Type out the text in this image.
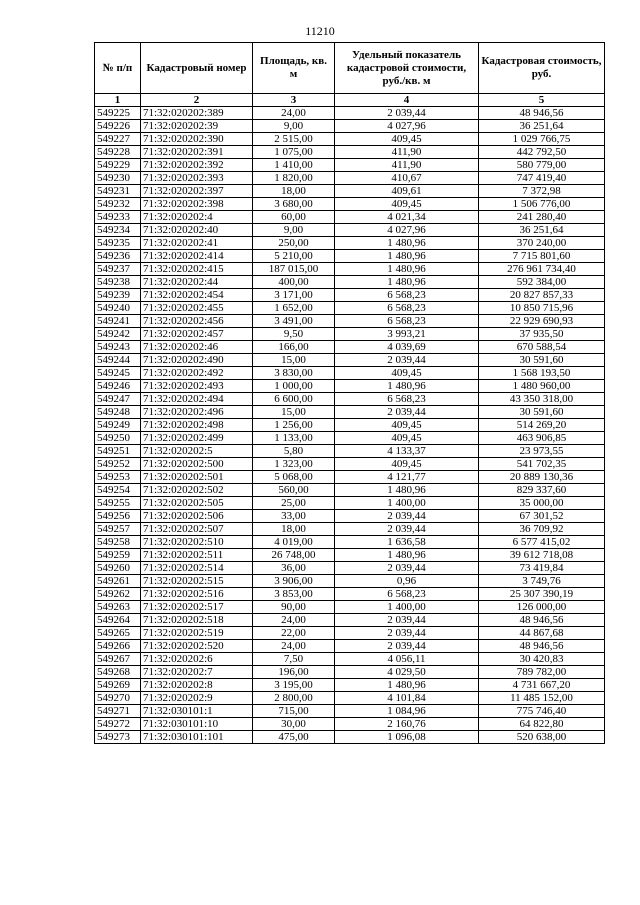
11210
№ п/п	Кадастровый номер	Площадь, кв. м	Удельный показатель кадастровой стоимости, руб./кв. м	Кадастровая стоимость, руб.
1	2	3	4	5
549225	71:32:020202:389	24,00	2 039,44	48 946,56
549226	71:32:020202:39	9,00	4 027,96	36 251,64
549227	71:32:020202:390	2 515,00	409,45	1 029 766,75
549228	71:32:020202:391	1 075,00	411,90	442 792,50
549229	71:32:020202:392	1 410,00	411,90	580 779,00
549230	71:32:020202:393	1 820,00	410,67	747 419,40
549231	71:32:020202:397	18,00	409,61	7 372,98
549232	71:32:020202:398	3 680,00	409,45	1 506 776,00
549233	71:32:020202:4	60,00	4 021,34	241 280,40
549234	71:32:020202:40	9,00	4 027,96	36 251,64
549235	71:32:020202:41	250,00	1 480,96	370 240,00
549236	71:32:020202:414	5 210,00	1 480,96	7 715 801,60
549237	71:32:020202:415	187 015,00	1 480,96	276 961 734,40
549238	71:32:020202:44	400,00	1 480,96	592 384,00
549239	71:32:020202:454	3 171,00	6 568,23	20 827 857,33
549240	71:32:020202:455	1 652,00	6 568,23	10 850 715,96
549241	71:32:020202:456	3 491,00	6 568,23	22 929 690,93
549242	71:32:020202:457	9,50	3 993,21	37 935,50
549243	71:32:020202:46	166,00	4 039,69	670 588,54
549244	71:32:020202:490	15,00	2 039,44	30 591,60
549245	71:32:020202:492	3 830,00	409,45	1 568 193,50
549246	71:32:020202:493	1 000,00	1 480,96	1 480 960,00
549247	71:32:020202:494	6 600,00	6 568,23	43 350 318,00
549248	71:32:020202:496	15,00	2 039,44	30 591,60
549249	71:32:020202:498	1 256,00	409,45	514 269,20
549250	71:32:020202:499	1 133,00	409,45	463 906,85
549251	71:32:020202:5	5,80	4 133,37	23 973,55
549252	71:32:020202:500	1 323,00	409,45	541 702,35
549253	71:32:020202:501	5 068,00	4 121,77	20 889 130,36
549254	71:32:020202:502	560,00	1 480,96	829 337,60
549255	71:32:020202:505	25,00	1 400,00	35 000,00
549256	71:32:020202:506	33,00	2 039,44	67 301,52
549257	71:32:020202:507	18,00	2 039,44	36 709,92
549258	71:32:020202:510	4 019,00	1 636,58	6 577 415,02
549259	71:32:020202:511	26 748,00	1 480,96	39 612 718,08
549260	71:32:020202:514	36,00	2 039,44	73 419,84
549261	71:32:020202:515	3 906,00	0,96	3 749,76
549262	71:32:020202:516	3 853,00	6 568,23	25 307 390,19
549263	71:32:020202:517	90,00	1 400,00	126 000,00
549264	71:32:020202:518	24,00	2 039,44	48 946,56
549265	71:32:020202:519	22,00	2 039,44	44 867,68
549266	71:32:020202:520	24,00	2 039,44	48 946,56
549267	71:32:020202:6	7,50	4 056,11	30 420,83
549268	71:32:020202:7	196,00	4 029,50	789 782,00
549269	71:32:020202:8	3 195,00	1 480,96	4 731 667,20
549270	71:32:020202:9	2 800,00	4 101,84	11 485 152,00
549271	71:32:030101:1	715,00	1 084,96	775 746,40
549272	71:32:030101:10	30,00	2 160,76	64 822,80
549273	71:32:030101:101	475,00	1 096,08	520 638,00
